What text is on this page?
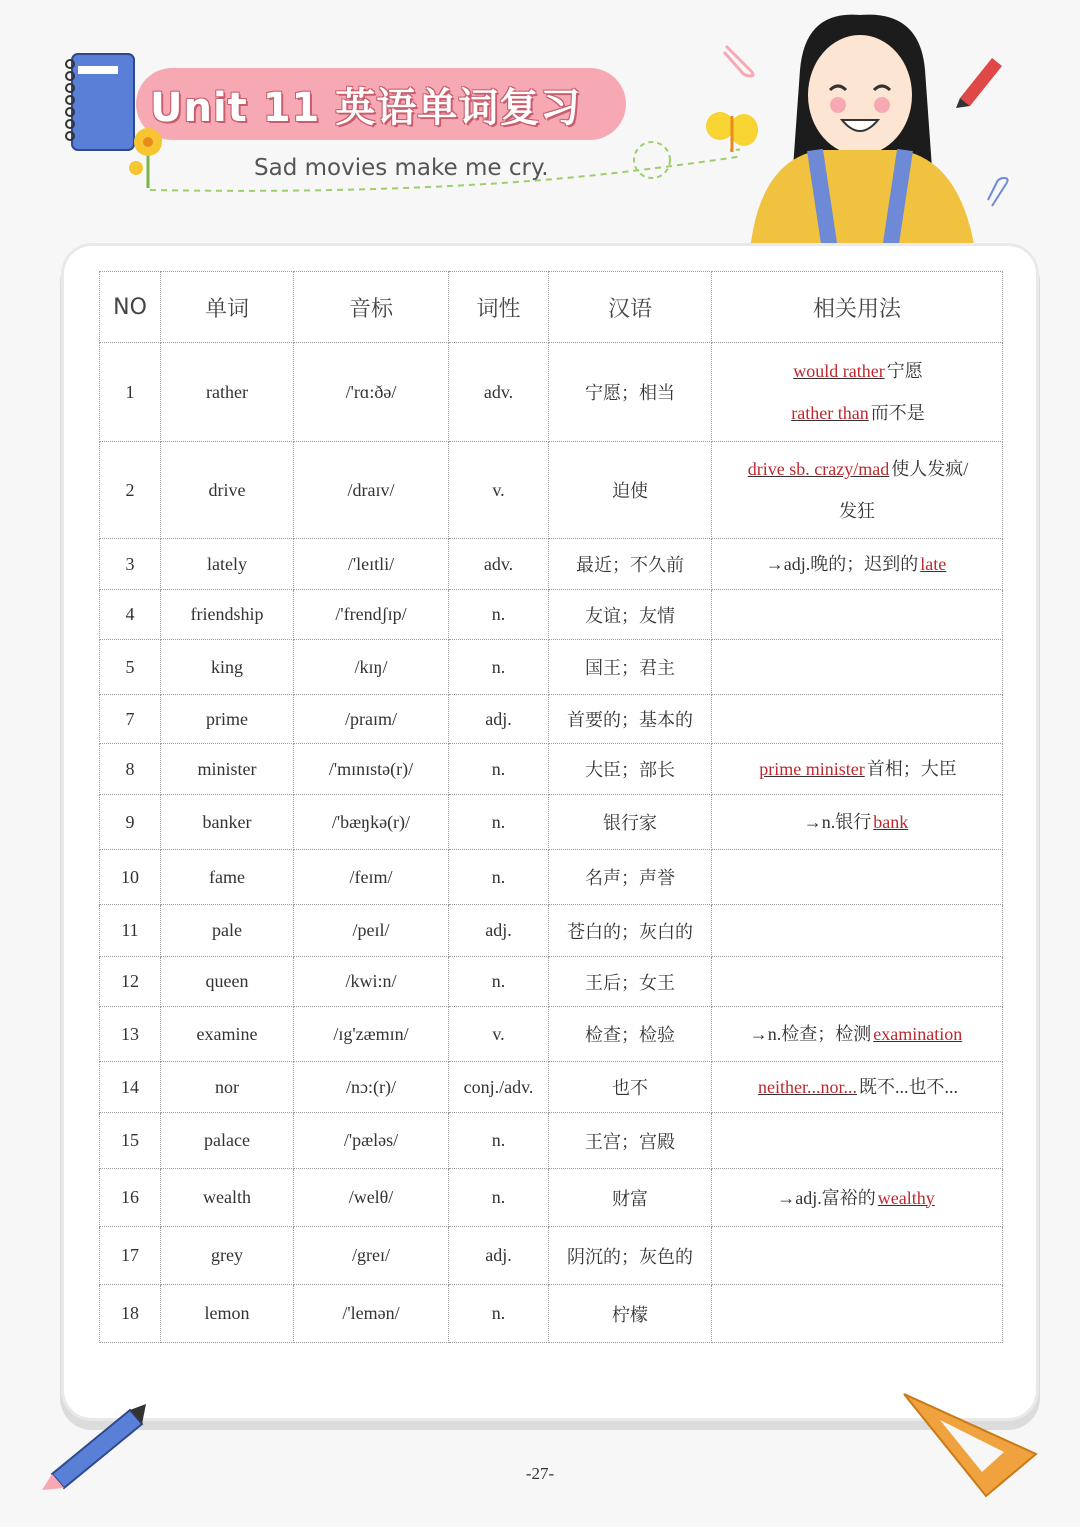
Unit 11 英语单词复习
Sad movies make me cry.
NO	单词	音标	词性	汉语	相关用法
1	rather	/'rɑ:ðə/	adv.	宁愿；相当	would rather 宁愿
rather than 而不是
2	drive	/draɪv/	v.	迫使	drive sb. crazy/mad 使人发疯/
发狂
3	lately	/'leɪtli/	adv.	最近；不久前	→adj.晚的；迟到的 late
4	friendship	/'frendʃɪp/	n.	友谊；友情	
5	king	/kɪŋ/	n.	国王；君主	
7	prime	/praɪm/	adj.	首要的；基本的	
8	minister	/'mɪnɪstə(r)/	n.	大臣；部长	prime minister 首相；大臣
9	banker	/'bæŋkə(r)/	n.	银行家	→n.银行 bank
10	fame	/feɪm/	n.	名声；声誉	
11	pale	/peɪl/	adj.	苍白的；灰白的	
12	queen	/kwi:n/	n.	王后；女王	
13	examine	/ɪg'zæmɪn/	v.	检查；检验	→n.检查；检测 examination
14	nor	/nɔ:(r)/	conj./adv.	也不	neither...nor... 既不...也不...
15	palace	/'pæləs/	n.	王宫；宫殿	
16	wealth	/welθ/	n.	财富	→adj.富裕的 wealthy
17	grey	/greɪ/	adj.	阴沉的；灰色的	
18	lemon	/'lemən/	n.	柠檬	
-27-
